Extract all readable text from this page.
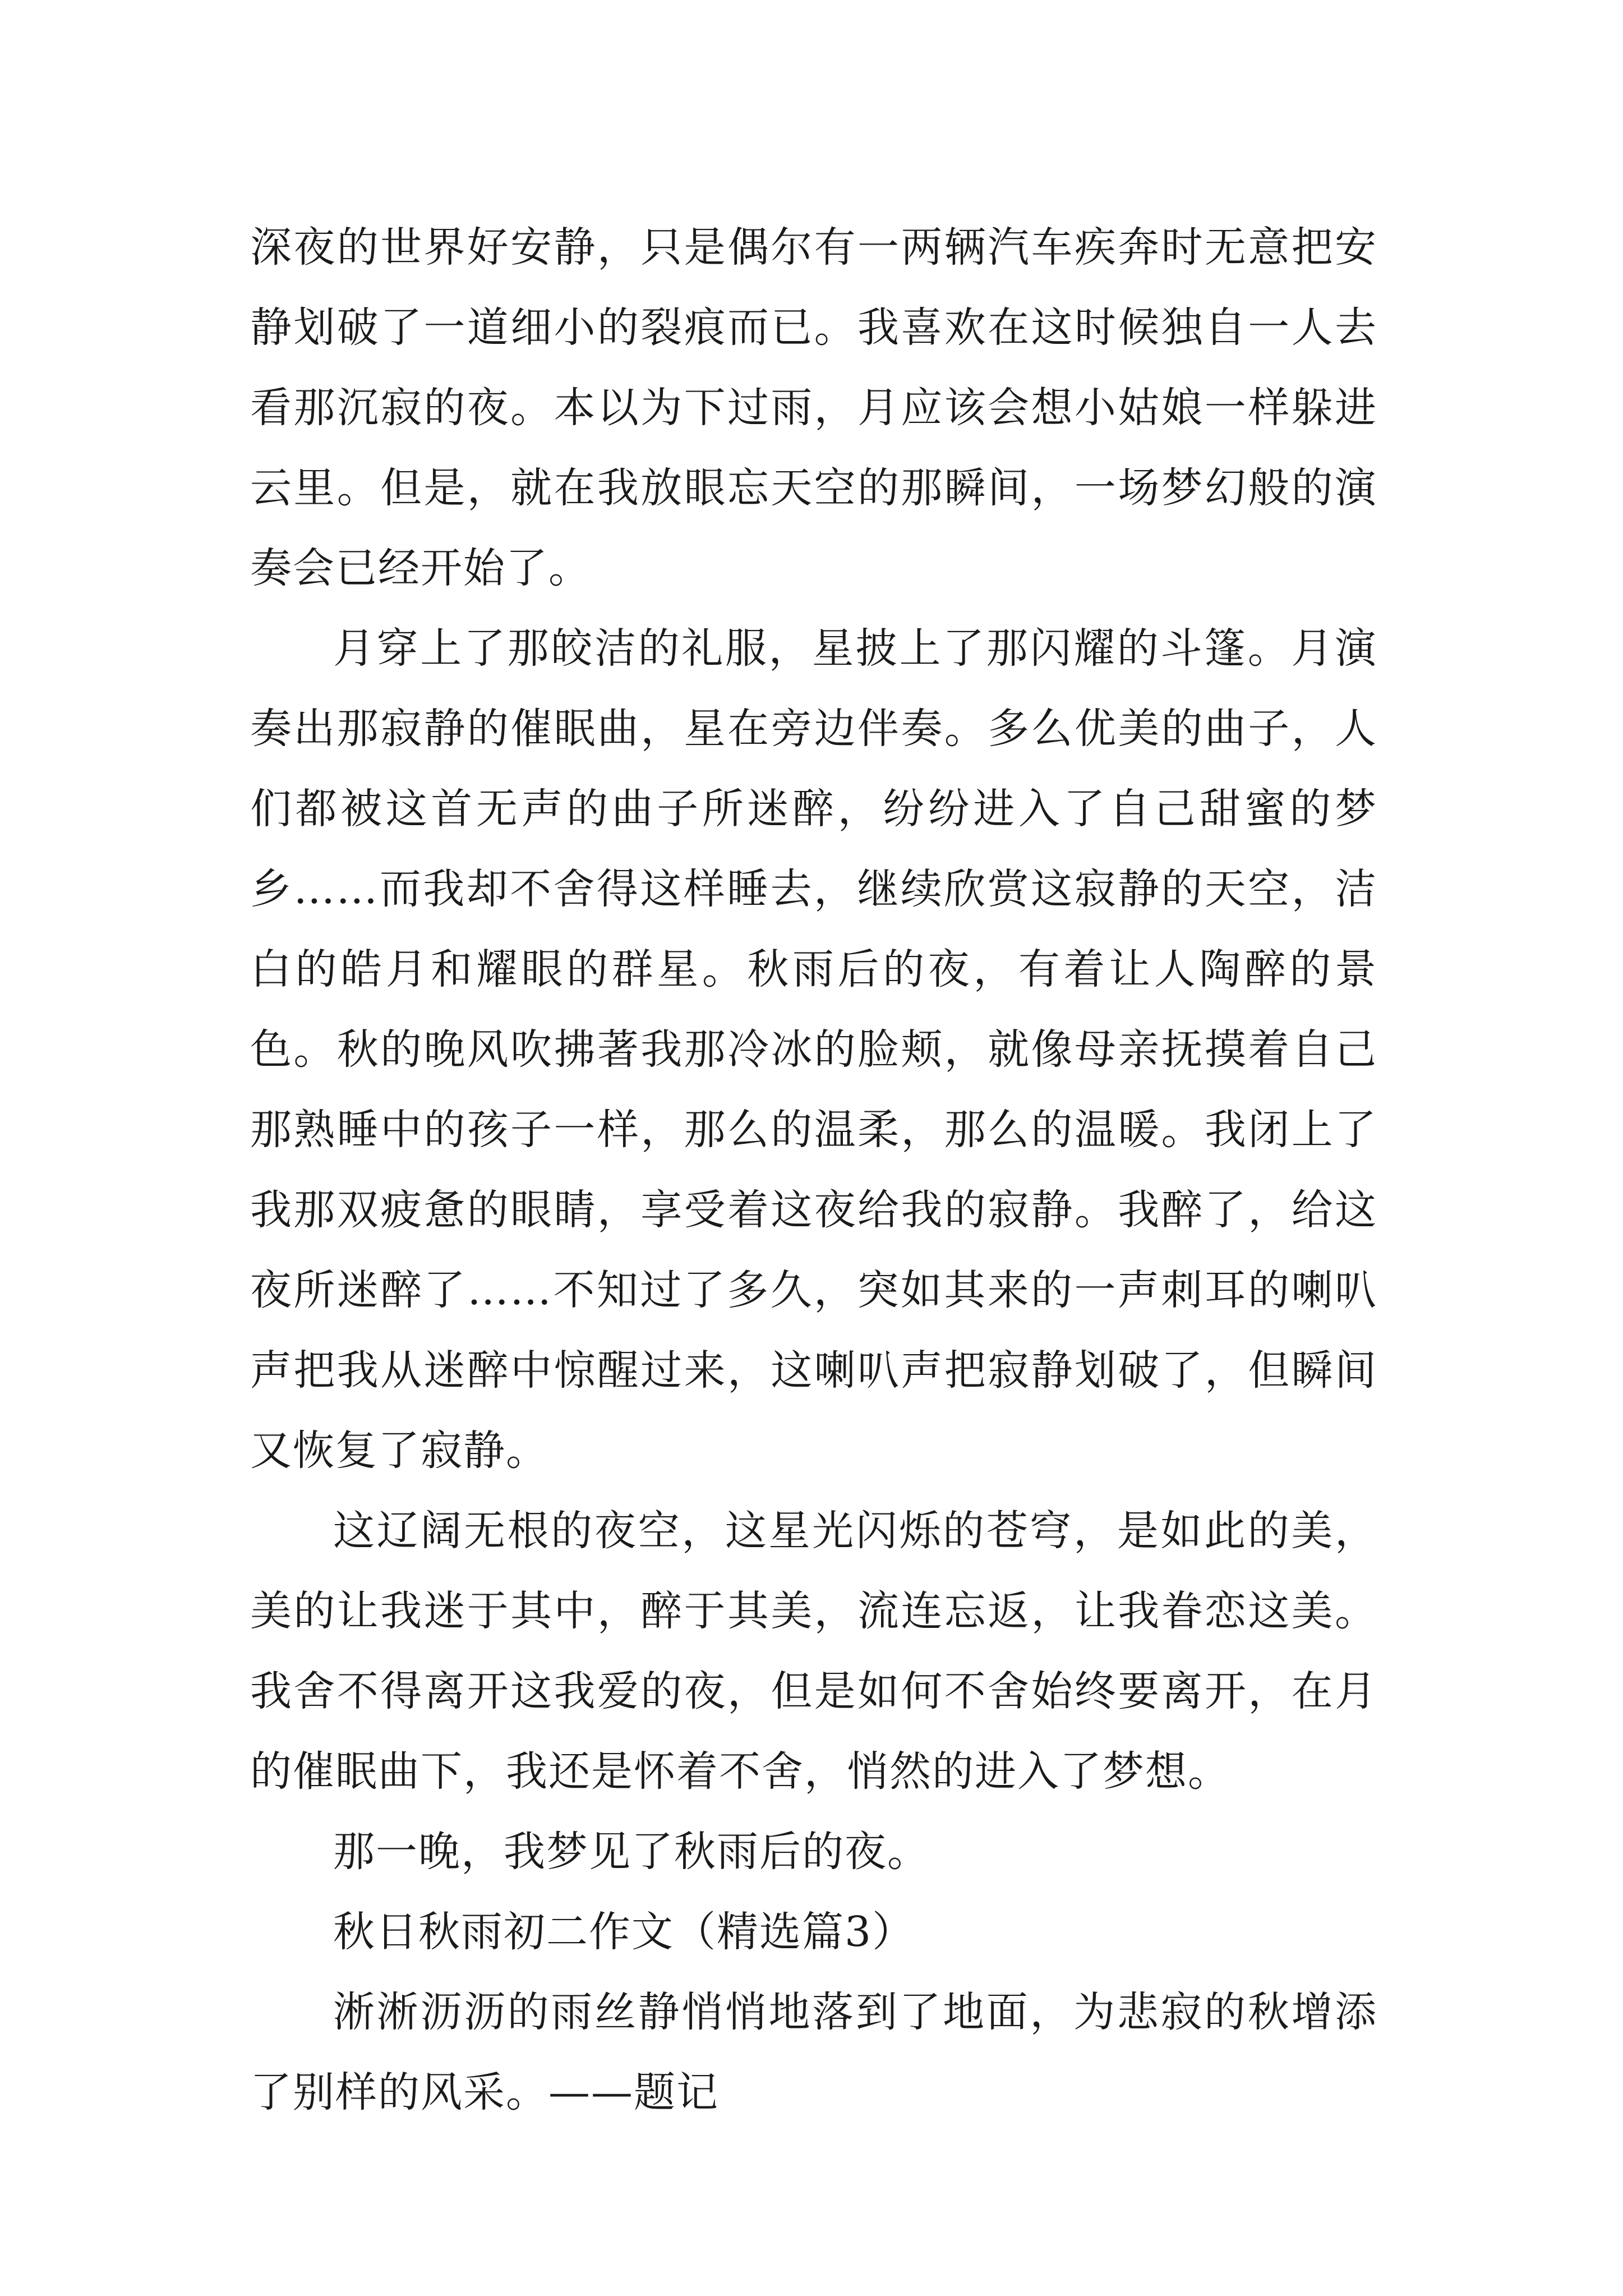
深夜的世界好安静，只是偶尔有一两辆汽车疾奔时无意把安静划破了一道细小的裂痕而已。我喜欢在这时候独自一人去看那沉寂的夜。本以为下过雨，月应该会想小姑娘一样躲进云里。但是，就在我放眼忘天空的那瞬间，一场梦幻般的演奏会已经开始了。

月穿上了那皎洁的礼服，星披上了那闪耀的斗篷。月演奏出那寂静的催眠曲，星在旁边伴奏。多么优美的曲子，人们都被这首无声的曲子所迷醉，纷纷进入了自己甜蜜的梦乡……而我却不舍得这样睡去，继续欣赏这寂静的天空，洁白的皓月和耀眼的群星。秋雨后的夜，有着让人陶醉的景色。秋的晚风吹拂著我那冷冰的脸颊，就像母亲抚摸着自己那熟睡中的孩子一样，那么的温柔，那么的温暖。我闭上了我那双疲惫的眼睛，享受着这夜给我的寂静。我醉了，给这夜所迷醉了……不知过了多久，突如其来的一声刺耳的喇叭声把我从迷醉中惊醒过来，这喇叭声把寂静划破了，但瞬间又恢复了寂静。

这辽阔无根的夜空，这星光闪烁的苍穹，是如此的美，美的让我迷于其中，醉于其美，流连忘返，让我眷恋这美。我舍不得离开这我爱的夜，但是如何不舍始终要离开，在月的催眠曲下，我还是怀着不舍，悄然的进入了梦想。

那一晚，我梦见了秋雨后的夜。

秋日秋雨初二作文（精选篇3）

淅淅沥沥的雨丝静悄悄地落到了地面，为悲寂的秋增添了别样的风采。——题记
